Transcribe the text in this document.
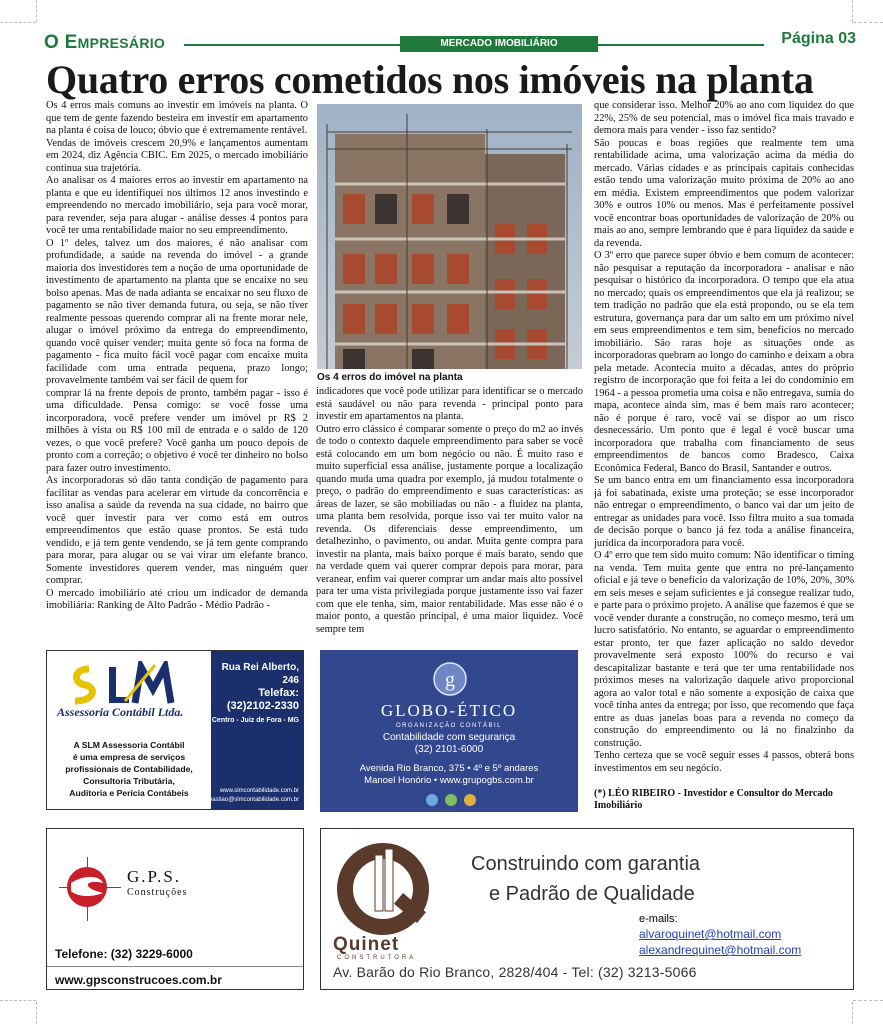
O EMPRESÁRIO	MERCADO IMOBILIÁRIO	Página 03
Quatro erros cometidos nos imóveis na planta

Os 4 erros mais comuns ao investir em imóveis na planta. O que tem de gente fazendo besteira em investir em apartamento na planta é coisa de louco; óbvio que é extremamente rentável.

Vendas de imóveis crescem 20,9% e lançamentos aumentam em 2024, diz Agência CBIC. Em 2025, o mercado imobiliário continua sua trajetória.

Ao analisar os 4 maiores erros ao investir em apartamento na planta e que eu identifiquei nos últimos 12 anos investindo e empreendendo no mercado imobiliário, seja para você morar, para revender, seja para alugar - análise desses 4 pontos para você ter uma rentabilidade maior no seu empreendimento.

O 1º deles, talvez um dos maiores, é não analisar com profundidade, a saúde na revenda do imóvel - a grande maioria dos investidores tem a noção de uma oportunidade de investimento de apartamento na planta que se encaixe no seu bolso apenas. Mas de nada adianta se encaixar no seu fluxo de pagamento se não tiver demanda futura, ou seja, se não tiver realmente pessoas querendo comprar ali na frente morar nele, alugar o imóvel próximo da entrega do empreendimento, quando você quiser vender; muita gente só foca na forma de pagamento - fica muito fácil você pagar com encaixe muita facilidade com uma entrada pequena, prazo longo; provavelmente também vai ser fácil de quem for

comprar lá na frente depois de pronto, também pagar - isso é uma dificuldade. Pensa comigo: se você fosse uma incorporadora, você prefere vender um imóvel pr R$ 2 milhões à vista ou R$ 100 mil de entrada e o saldo de 120 vezes, o que você prefere? Você ganha um pouco depois de pronto com a correção; o objetivo é você ter dinheiro no bolso para fazer outro investimento.

As incorporadoras só dão tanta condição de pagamento para facilitar as vendas para acelerar em virtude da concorrência e isso analisa a saúde da revenda na sua cidade, no bairro que você quer investir para ver como está em outros empreendimentos que estão quase prontos. Se está tudo vendido, e já tem gente vendendo, se já tem gente comprando para morar, para alugar ou se vai virar um elefante branco. Somente investidores querem vender, mas ninguém quer comprar.

O mercado imobiliário até criou um indicador de demanda imobiliária: Ranking de Alto Padrão - Médio Padrão -

Os 4 erros do imóvel na planta

indicadores que você pode utilizar para identificar se o mercado está saudável ou não para revenda - principal ponto para investir em apartamentos na planta.

Outro erro clássico é comparar somente o preço do m2 ao invés de todo o contexto daquele empreendimento para saber se você está colocando em um bom negócio ou não. É muito raso e muito superficial essa análise, justamente porque a localização quando muda uma quadra por exemplo, já mudou totalmente o preço, o padrão do empreendimento e suas características: as áreas de lazer, se são mobiliadas ou não - a fluidez na planta, uma planta bem resolvida, porque isso vai ter muito valor na revenda. Os diferenciais desse empreendimento, um detalhezinho, o pavimento, ou andar. Muita gente compra para investir na planta, mais baixo porque é mais barato, sendo que na verdade quem vai querer comprar depois para morar, para veranear, enfim vai querer comprar um andar mais alto possível para ter uma vista privilegiada porque justamente isso vai fazer com que ele tenha, sim, maior rentabilidade. Mas esse não é o maior ponto, a questão principal, é uma maior liquidez. Você sempre tem

que considerar isso. Melhor 20% ao ano com liquidez do que 22%, 25% de seu potencial, mas o imóvel fica mais travado e demora mais para vender - isso faz sentido?

São poucas e boas regiões que realmente tem uma rentabilidade acima, uma valorização acima da média do mercado. Várias cidades e as principais capitais conhecidas estão tendo uma valorização muito próxima de 20% ao ano em média. Existem empreendimentos que podem valorizar 30% e outros 10% ou menos. Mas é perfeitamente possível você encontrar boas oportunidades de valorização de 20% ou mais ao ano, sempre lembrando que é para liquidez da saúde e da revenda.

O 3º erro que parece super óbvio e bem comum de acontecer: não pesquisar a reputação da incorporadora - analisar e não pesquisar o histórico da incorporadora. O tempo que ela atua no mercado; quais os empreendimentos que ela já realizou; se tem tradição no padrão que ela está propondo, ou se ela tem estrutura, governança para dar um salto em um próximo nível em seus empreendimentos e tem sim, benefícios no mercado imobiliário. São raras hoje as situações onde as incorporadoras quebram ao longo do caminho e deixam a obra pela metade. Acontecia muito a décadas, antes do próprio registro de incorporação que foi feita a lei do condomínio em 1964 - a pessoa prometia uma coisa e não entregava, sumia do mapa, acontece ainda sim, mas é bem mais raro acontecer; não é porque é raro, você vai se dispor ao um risco desnecessário. Um ponto que é legal é você buscar uma incorporadora que trabalha com financiamento de seus empreendimentos de bancos como Bradesco, Caixa Econômica Federal, Banco do Brasil, Santander e outros.

Se um banco entra em um financiamento essa incorporadora já foi sabatinada, existe uma proteção; se esse incorporador não entregar o empreendimento, o banco vai dar um jeito de entregar as unidades para você. Isso filtra muito a sua tomada de decisão porque o banco já fez toda a análise financeira, jurídica da incorporadora para você.

O 4º erro que tem sido muito comum: Não identificar o timing na venda. Tem muita gente que entra no pré-lançamento oficial e já teve o benefício da valorização de 10%, 20%, 30% em seis meses e sejam suficientes e já consegue realizar tudo, e parte para o próximo projeto. A análise que fazemos é que se você vender durante a construção, no começo mesmo, terá um lucro satisfatório. No entanto, se aguardar o empreendimento estar pronto, ter que fazer aplicação no saldo devedor provavelmente será exposto 100% do recurso e vai descapitalizar bastante e terá que ter uma rentabilidade nos próximos meses na valorização daquele ativo proporcional agora ao valor total e não somente a exposição de caixa que você tinha antes da entrega; por isso, que recomendo que faça entre as duas janelas boas para a revenda no começo da construção do empreendimento ou lá no finalzinho da construção.

Tenho certeza que se você seguir esses 4 passos, obterá bons investimentos em seu negócio.

(*) LÉO RIBEIRO - Investidor e Consultor do Mercado Imobiliário
Assessoria Contábil Ltda.
A SLM Assessoria Contábil
é uma empresa de serviços
profissionais de Contabilidade,
Consultoria Tributária,
Auditoria e Perícia Contábeis
Rua Rei Alberto, 246
Telefax: (32)2102-2330
Centro - Juiz de Fora - MG
www.slmcontabilidade.com.br
sebastiao@slmcontabilidade.com.br
g
GLOBO-ÉTICO
ORGANIZAÇÃO CONTÁBIL
Contabilidade com segurança
(32) 2101-6000
Avenida Rio Branco, 375 • 4º e 5º andares
Manoel Honório • www.grupogbs.com.br
G.P.S.
Construções
Telefone: (32) 3229-6000
www.gpsconstrucoes.com.br
Quinet
CONSTRUTORA
Construindo com garantia
e Padrão de Qualidade
e-mails:
alvaroquinet@hotmail.com
alexandrequinet@hotmail.com
Av. Barão do Rio Branco, 2828/404 - Tel: (32) 3213-5066
